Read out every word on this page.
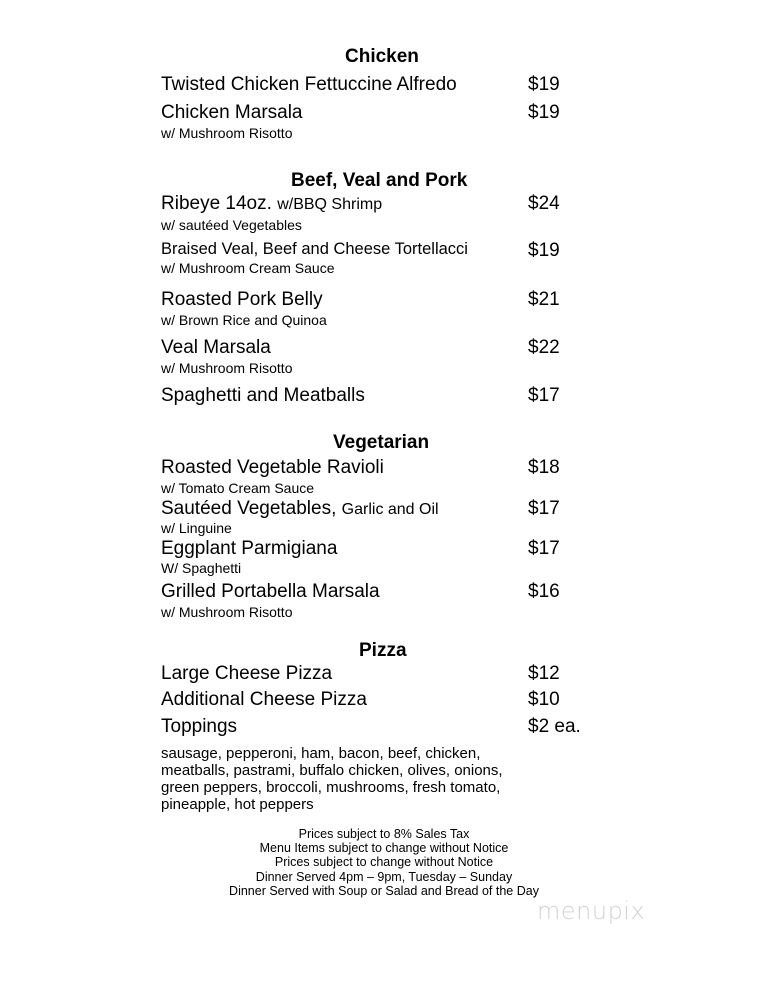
Chicken
Twisted Chicken Fettuccine Alfredo	$19
Chicken Marsala	$19
w/ Mushroom Risotto
Beef, Veal and Pork
Ribeye 14oz. w/BBQ Shrimp	$24
w/ sautéed Vegetables
Braised Veal, Beef and Cheese Tortellacci	$19
w/ Mushroom Cream Sauce
Roasted Pork Belly	$21
w/ Brown Rice and Quinoa
Veal Marsala	$22
w/ Mushroom Risotto
Spaghetti and Meatballs	$17
Vegetarian
Roasted Vegetable Ravioli	$18
w/ Tomato Cream Sauce
Sautéed Vegetables, Garlic and Oil	$17
w/ Linguine
Eggplant Parmigiana	$17
W/ Spaghetti
Grilled Portabella Marsala	$16
w/ Mushroom Risotto
Pizza
Large Cheese Pizza	$12
Additional Cheese Pizza	$10
Toppings	$2 ea.
sausage, pepperoni, ham, bacon, beef, chicken, meatballs, pastrami, buffalo chicken, olives, onions, green peppers, broccoli, mushrooms, fresh tomato, pineapple, hot peppers
Prices subject to 8% Sales Tax
Menu Items subject to change without Notice
Prices subject to change without Notice
Dinner Served 4pm – 9pm, Tuesday – Sunday
Dinner Served with Soup or Salad and Bread of the Day
menupix
